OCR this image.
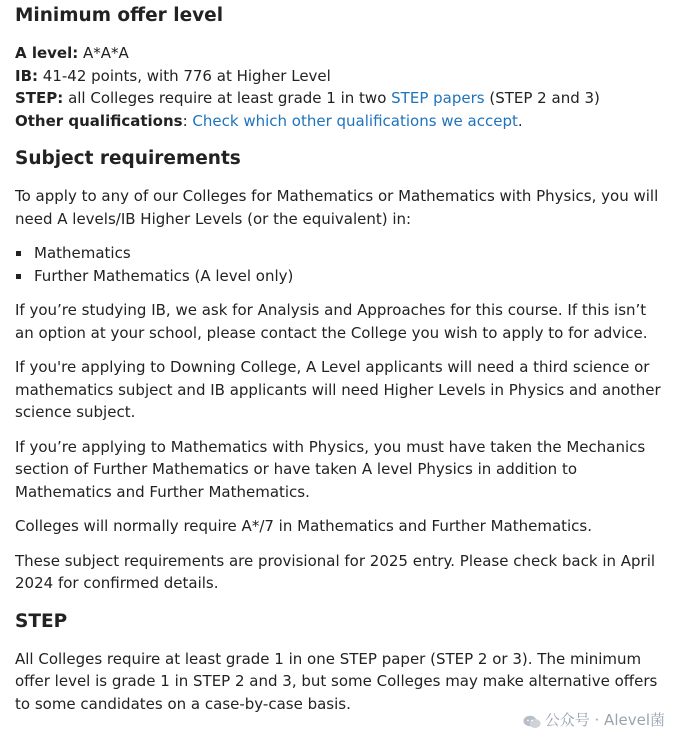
Minimum offer level

A level: A*A*A

IB: 41-42 points, with 776 at Higher Level

STEP: all Colleges require at least grade 1 in two STEP papers (STEP 2 and 3)

Other qualifications: Check which other qualifications we accept.

Subject requirements

To apply to any of our Colleges for Mathematics or Mathematics with Physics, you will need A levels/IB Higher Levels (or the equivalent) in:

Mathematics
Further Mathematics (A level only)

If you’re studying IB, we ask for Analysis and Approaches for this course. If this isn’t an option at your school, please contact the College you wish to apply to for advice.

If you're applying to Downing College, A Level applicants will need a third science or mathematics subject and IB applicants will need Higher Levels in Physics and another science subject.

If you’re applying to Mathematics with Physics, you must have taken the Mechanics section of Further Mathematics or have taken A level Physics in addition to Mathematics and Further Mathematics.

Colleges will normally require A*/7 in Mathematics and Further Mathematics.

These subject requirements are provisional for 2025 entry. Please check back in April 2024 for confirmed details.

STEP

All Colleges require at least grade 1 in one STEP paper (STEP 2 or 3). The minimum offer level is grade 1 in STEP 2 and 3, but some Colleges may make alternative offers to some candidates on a case-by-case basis.

公众号 · Alevel菌
